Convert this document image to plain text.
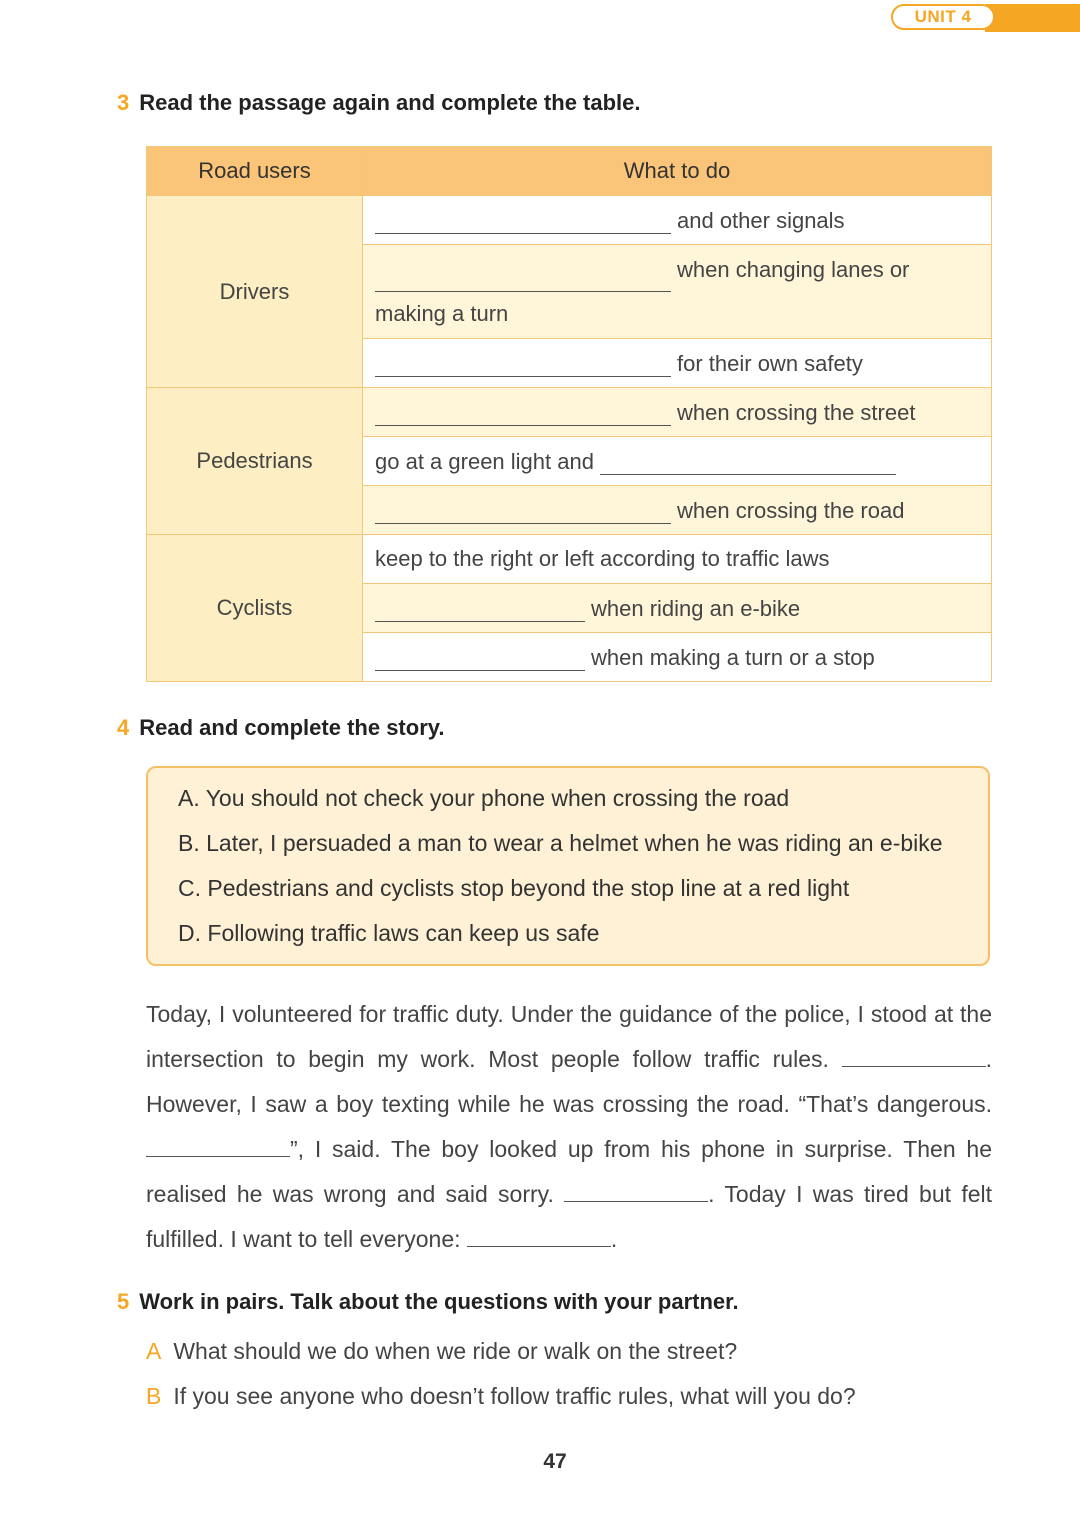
UNIT 4
3 Read the passage again and complete the table.
Road users	What to do
Drivers	and other signals

	when changing lanes or
making a turn

	for their own safety
Pedestrians	when crossing the street
	go at a green light and
	when crossing the road
Cyclists	keep to the right or left according to traffic laws
	when riding an e-bike
	when making a turn or a stop
4 Read and complete the story.
A. You should not check your phone when crossing the road
B. Later, I persuaded a man to wear a helmet when he was riding an e-bike
C. Pedestrians and cyclists stop beyond the stop line at a red light
D. Following traffic laws can keep us safe
Today, I volunteered for traffic duty. Under the guidance of the police, I stood at the intersection to begin my work. Most people follow traffic rules.	. However, I saw a boy texting while he was crossing the road. “That’s dangerous. ”, I said. The boy looked up from his phone in surprise. Then he realised he was wrong and said sorry.	. Today I was tired but felt fulfilled. I want to tell everyone:	.
5 Work in pairs. Talk about the questions with your partner.
A What should we do when we ride or walk on the street?
B If you see anyone who doesn’t follow traffic rules, what will you do?
47
